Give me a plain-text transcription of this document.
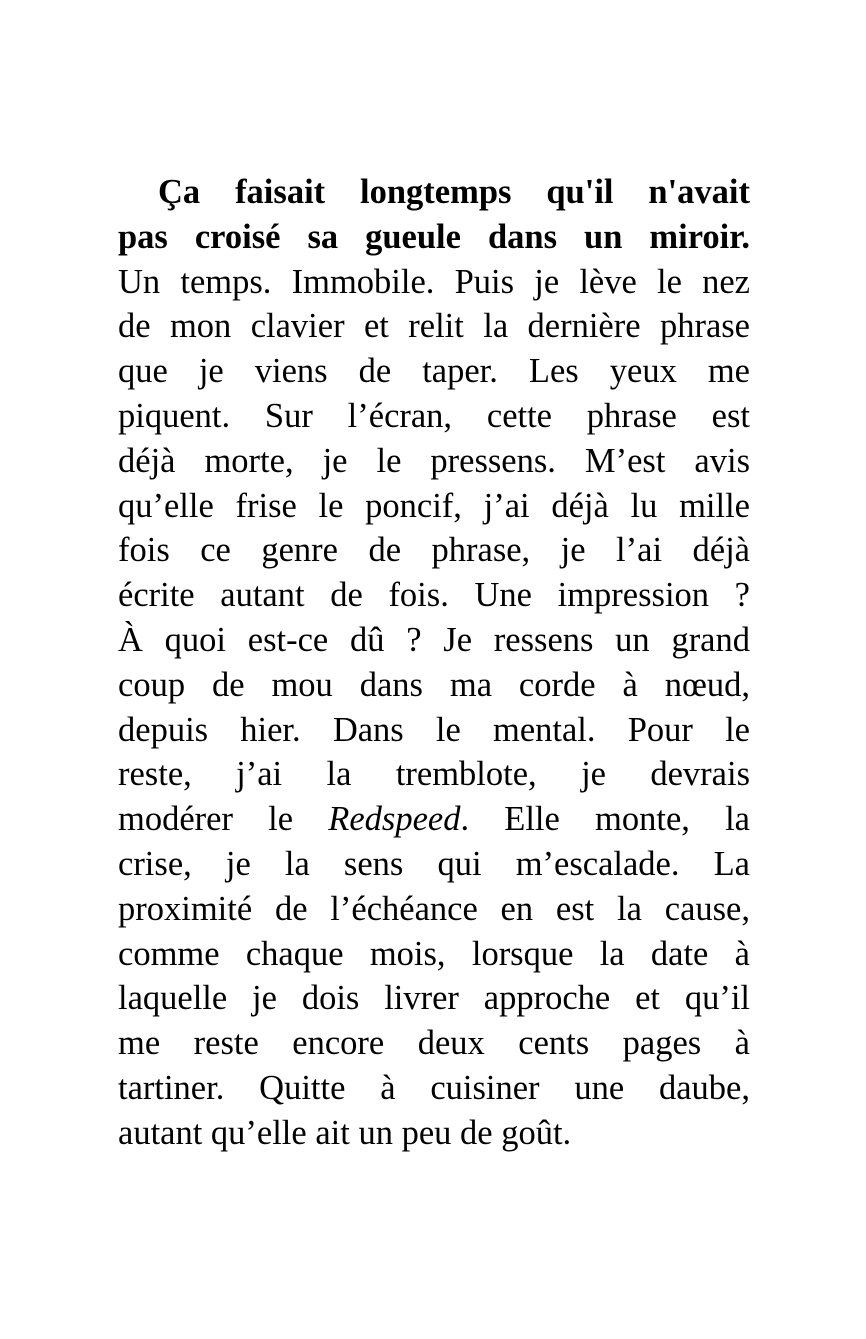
Ça faisait longtemps qu'il n'avait
pas croisé sa gueule dans un miroir.
Un temps. Immobile. Puis je lève le nez
de mon clavier et relit la dernière phrase
que je viens de taper. Les yeux me
piquent. Sur l’écran, cette phrase est
déjà morte, je le pressens. M’est avis
qu’elle frise le poncif, j’ai déjà lu mille
fois ce genre de phrase, je l’ai déjà
écrite autant de fois. Une impression ?
À quoi est-ce dû ? Je ressens un grand
coup de mou dans ma corde à nœud,
depuis hier. Dans le mental. Pour le
reste, j’ai la tremblote, je devrais
modérer le Redspeed. Elle monte, la
crise, je la sens qui m’escalade. La
proximité de l’échéance en est la cause,
comme chaque mois, lorsque la date à
laquelle je dois livrer approche et qu’il
me reste encore deux cents pages à
tartiner. Quitte à cuisiner une daube,
autant qu’elle ait un peu de goût.
